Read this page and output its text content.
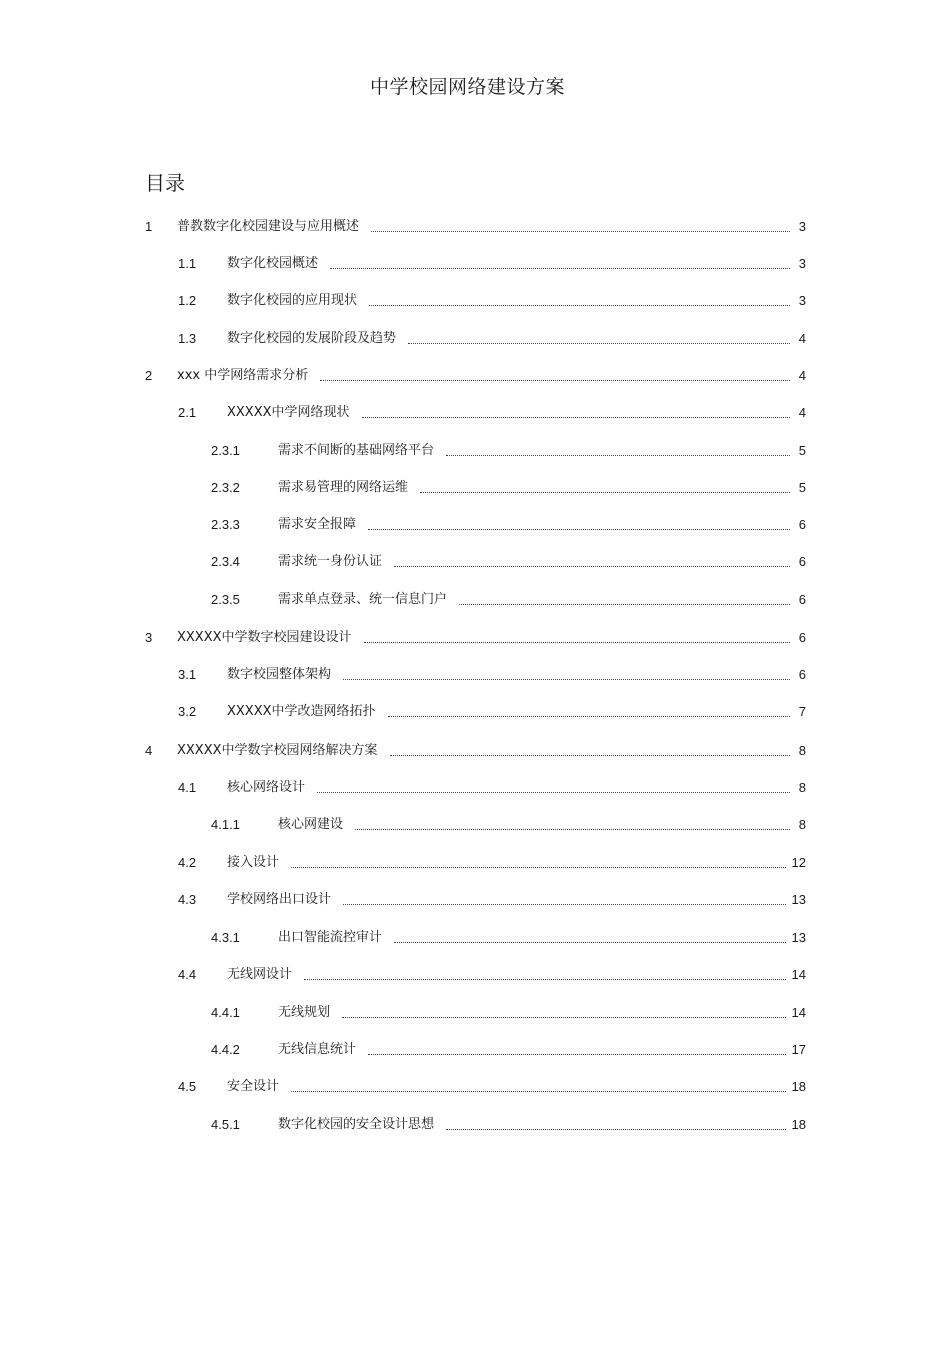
中学校园网络建设方案
目录
1	普教数字化校园建设与应用概述	3
1.1	数字化校园概述	3
1.2	数字化校园的应用现状	3
1.3	数字化校园的发展阶段及趋势	4
2	xxx 中学网络需求分析	4
2.1	XXXXX中学网络现状	4
2.3.1	需求不间断的基础网络平台	5
2.3.2	需求易管理的网络运维	5
2.3.3	需求安全报障	6
2.3.4	需求统一身份认证	6
2.3.5	需求单点登录、统一信息门户	6
3	XXXXX中学数字校园建设设计	6
3.1	数字校园整体架构	6
3.2	XXXXX中学改造网络拓扑	7
4	XXXXX中学数字校园网络解决方案	8
4.1	核心网络设计	8
4.1.1	核心网建设	8
4.2	接入设计	12
4.3	学校网络出口设计	13
4.3.1	出口智能流控审计	13
4.4	无线网设计	14
4.4.1	无线规划	14
4.4.2	无线信息统计	17
4.5	安全设计	18
4.5.1	数字化校园的安全设计思想	18
